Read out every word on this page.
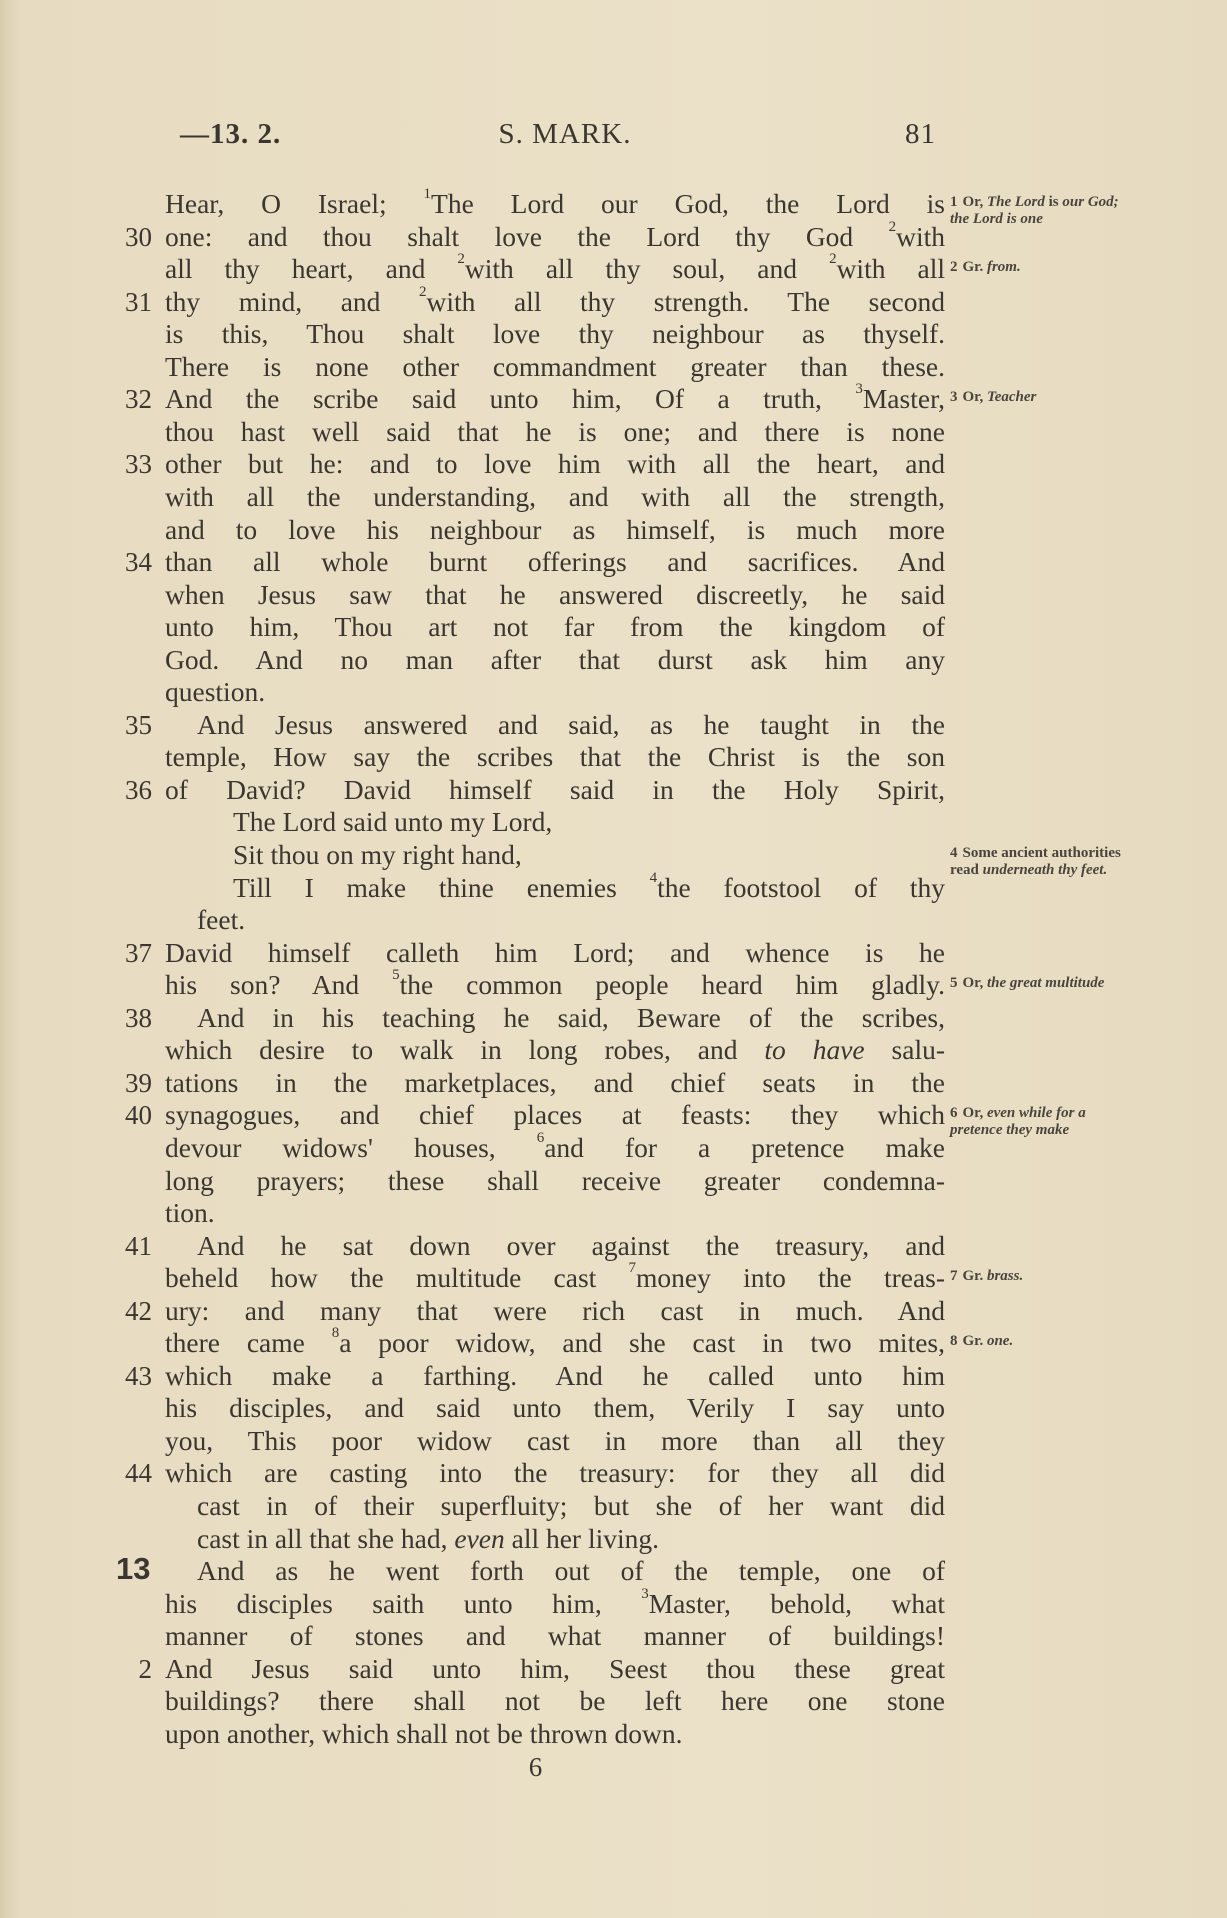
—13. 2.	S. MARK.	81
Hear, O Israel; $^1$The Lord our God, the Lord is
30 one: and thou shalt love the Lord thy God $^2$with
all thy heart, and $^2$with all thy soul, and $^2$with all
31 thy mind, and $^2$with all thy strength. The second
is this, Thou shalt love thy neighbour as thyself.
There is none other commandment greater than these.
32 And the scribe said unto him, Of a truth, $^3$Master,
thou hast well said that he is one; and there is none
33 other but he: and to love him with all the heart, and
with all the understanding, and with all the strength,
and to love his neighbour as himself, is much more
34 than all whole burnt offerings and sacrifices. And
when Jesus saw that he answered discreetly, he said
unto him, Thou art not far from the kingdom of
God. And no man after that durst ask him any
question.
35	And Jesus answered and said, as he taught in the
temple, How say the scribes that the Christ is the son
36 of David? David himself said in the Holy Spirit,
The Lord said unto my Lord,
Sit thou on my right hand,
Till I make thine enemies $^4$the footstool of thy
feet.
37 David himself calleth him Lord; and whence is he
his son? And $^5$the common people heard him gladly.
38	And in his teaching he said, Beware of the scribes,
which desire to walk in long robes, and to have salu-
39 tations in the marketplaces, and chief seats in the
40 synagogues, and chief places at feasts: they which
devour widows' houses, $^6$and for a pretence make
long prayers; these shall receive greater condemna-
tion.
41	And he sat down over against the treasury, and
beheld how the multitude cast $^7$money into the treas-
42 ury: and many that were rich cast in much. And
there came $^8$a poor widow, and she cast in two mites,
43 which make a farthing. And he called unto him
his disciples, and said unto them, Verily I say unto
you, This poor widow cast in more than all they
44 which are casting into the treasury: for they all did
cast in of their superfluity; but she of her want did
cast in all that she had, even all her living.
13	And as he went forth out of the temple, one of
his disciples saith unto him, $^3$Master, behold, what
manner of stones and what manner of buildings!
2 And Jesus said unto him, Seest thou these great
buildings? there shall not be left here one stone
upon another, which shall not be thrown down.
1 Or, The Lord is our God; the Lord is one
2 Gr. from.
3 Or, Teacher
4 Some ancient authorities read underneath thy feet.
5 Or, the great multitude
6 Or, even while for a pretence they make
7 Gr. brass.
8 Gr. one.
6
